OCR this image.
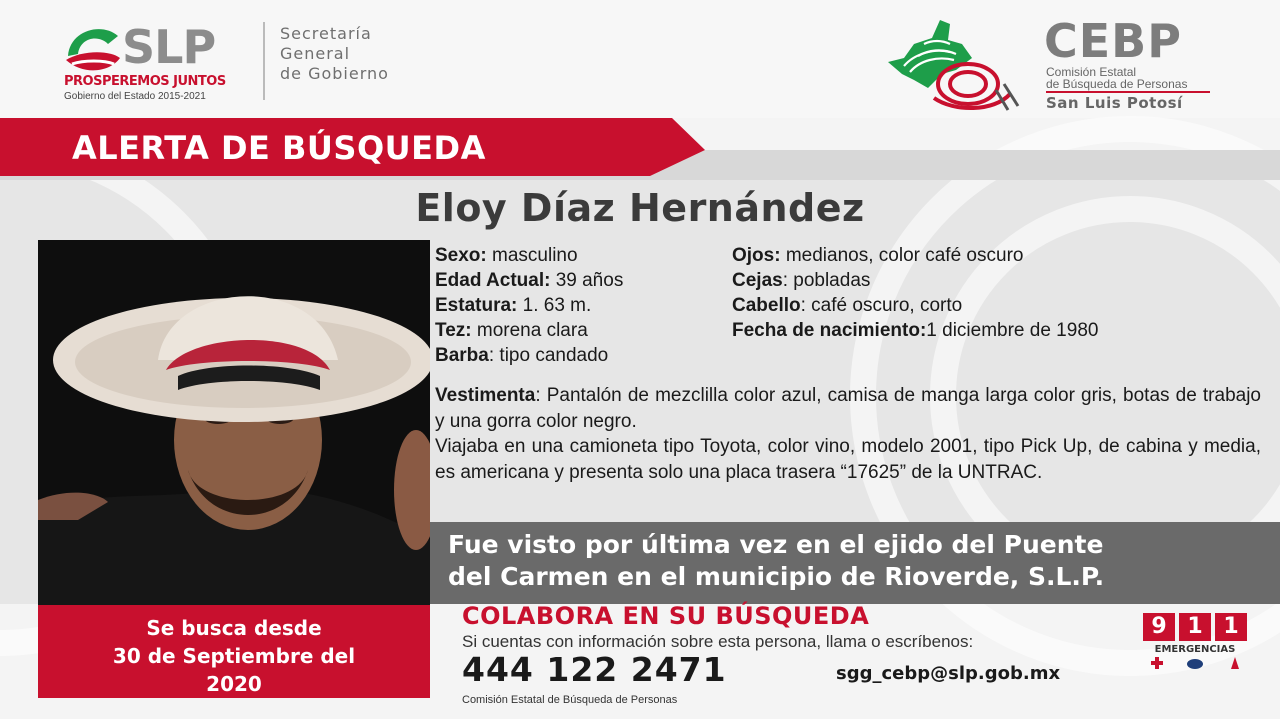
SLP
PROSPEREMOS JUNTOS
Gobierno del Estado 2015-2021
Secretaría
General
de Gobierno
CEBP
Comisión Estatal
de Búsqueda de Personas
San Luis Potosí
ALERTA DE BÚSQUEDA
Eloy Díaz Hernández
Sexo: masculino
Edad Actual: 39 años
Estatura: 1. 63 m.
Tez: morena clara
Barba: tipo candado
Ojos: medianos, color café oscuro
Cejas: pobladas
Cabello: café oscuro, corto
Fecha de nacimiento:1 diciembre de 1980

Vestimenta: Pantalón de mezclilla color azul, camisa de manga larga color gris, botas de trabajo y una gorra color negro.

Viajaba en una camioneta tipo Toyota, color vino, modelo 2001, tipo Pick Up, de cabina y media, es americana y presenta solo una placa trasera “17625” de la UNTRAC.

Fue visto por última vez en el ejido del Puente
del Carmen en el municipio de Rioverde, S.L.P.
Se busca desde
30 de Septiembre del
2020
COLABORA EN SU BÚSQUEDA
Si cuentas con información sobre esta persona, llama o escríbenos:
444 122 2471	sgg_cebp@slp.gob.mx
Comisión Estatal de Búsqueda de Personas
9 1 1
EMERGENCIAS
